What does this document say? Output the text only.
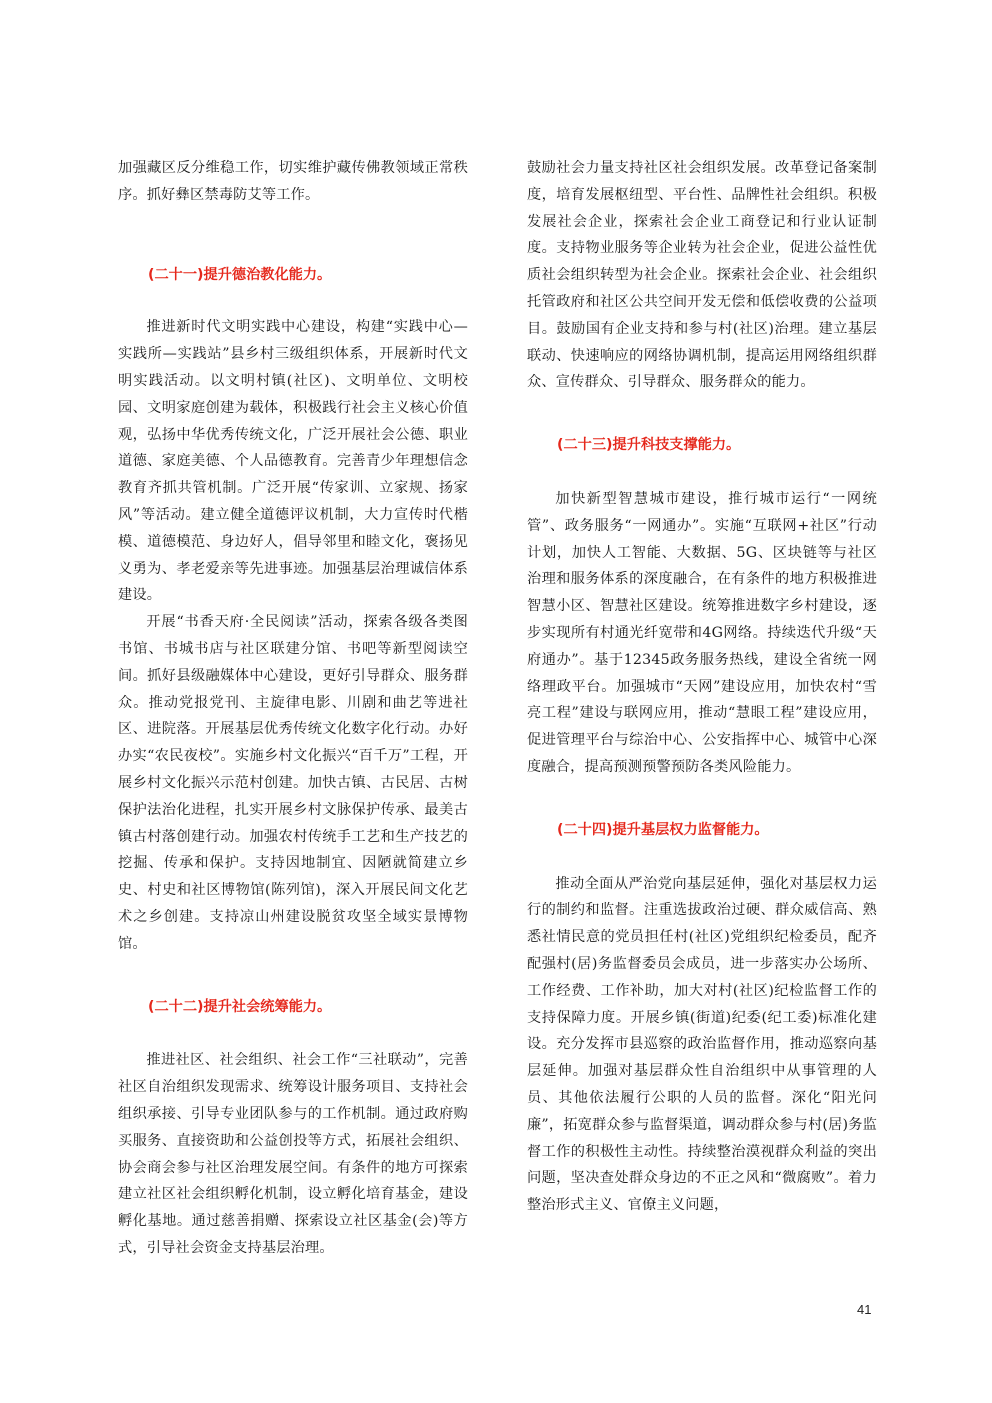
加强藏区反分维稳工作，切实维护藏传佛教领域正常秩序。抓好彝区禁毒防艾等工作。

(二十一)提升德治教化能力。

推进新时代文明实践中心建设，构建“实践中心—实践所—实践站”县乡村三级组织体系，开展新时代文明实践活动。以文明村镇(社区)、文明单位、文明校园、文明家庭创建为载体，积极践行社会主义核心价值观，弘扬中华优秀传统文化，广泛开展社会公德、职业道德、家庭美德、个人品德教育。完善青少年理想信念教育齐抓共管机制。广泛开展“传家训、立家规、扬家风”等活动。建立健全道德评议机制，大力宣传时代楷模、道德模范、身边好人，倡导邻里和睦文化，褒扬见义勇为、孝老爱亲等先进事迹。加强基层治理诚信体系建设。

开展“书香天府·全民阅读”活动，探索各级各类图书馆、书城书店与社区联建分馆、书吧等新型阅读空间。抓好县级融媒体中心建设，更好引导群众、服务群众。推动党报党刊、主旋律电影、川剧和曲艺等进社区、进院落。开展基层优秀传统文化数字化行动。办好办实“农民夜校”。实施乡村文化振兴“百千万”工程，开展乡村文化振兴示范村创建。加快古镇、古民居、古树保护法治化进程，扎实开展乡村文脉保护传承、最美古镇古村落创建行动。加强农村传统手工艺和生产技艺的挖掘、传承和保护。支持因地制宜、因陋就简建立乡史、村史和社区博物馆(陈列馆)，深入开展民间文化艺术之乡创建。支持凉山州建设脱贫攻坚全域实景博物馆。

(二十二)提升社会统筹能力。

推进社区、社会组织、社会工作“三社联动”，完善社区自治组织发现需求、统筹设计服务项目、支持社会组织承接、引导专业团队参与的工作机制。通过政府购买服务、直接资助和公益创投等方式，拓展社会组织、协会商会参与社区治理发展空间。有条件的地方可探索建立社区社会组织孵化机制，设立孵化培育基金，建设孵化基地。通过慈善捐赠、探索设立社区基金(会)等方式，引导社会资金支持基层治理。

鼓励社会力量支持社区社会组织发展。改革登记备案制度，培育发展枢纽型、平台性、品牌性社会组织。积极发展社会企业，探索社会企业工商登记和行业认证制度。支持物业服务等企业转为社会企业，促进公益性优质社会组织转型为社会企业。探索社会企业、社会组织托管政府和社区公共空间开发无偿和低偿收费的公益项目。鼓励国有企业支持和参与村(社区)治理。建立基层联动、快速响应的网络协调机制，提高运用网络组织群众、宣传群众、引导群众、服务群众的能力。

(二十三)提升科技支撑能力。

加快新型智慧城市建设，推行城市运行“一网统管”、政务服务“一网通办”。实施“互联网+社区”行动计划，加快人工智能、大数据、5G、区块链等与社区治理和服务体系的深度融合，在有条件的地方积极推进智慧小区、智慧社区建设。统筹推进数字乡村建设，逐步实现所有村通光纤宽带和4G网络。持续迭代升级“天府通办”。基于12345政务服务热线，建设全省统一网络理政平台。加强城市“天网”建设应用，加快农村“雪亮工程”建设与联网应用，推动“慧眼工程”建设应用，促进管理平台与综治中心、公安指挥中心、城管中心深度融合，提高预测预警预防各类风险能力。

(二十四)提升基层权力监督能力。

推动全面从严治党向基层延伸，强化对基层权力运行的制约和监督。注重选拔政治过硬、群众威信高、熟悉社情民意的党员担任村(社区)党组织纪检委员，配齐配强村(居)务监督委员会成员，进一步落实办公场所、工作经费、工作补助，加大对村(社区)纪检监督工作的支持保障力度。开展乡镇(街道)纪委(纪工委)标准化建设。充分发挥市县巡察的政治监督作用，推动巡察向基层延伸。加强对基层群众性自治组织中从事管理的人员、其他依法履行公职的人员的监督。深化“阳光问廉”，拓宽群众参与监督渠道，调动群众参与村(居)务监督工作的积极性主动性。持续整治漠视群众利益的突出问题，坚决查处群众身边的不正之风和“微腐败”。着力整治形式主义、官僚主义问题，

41
